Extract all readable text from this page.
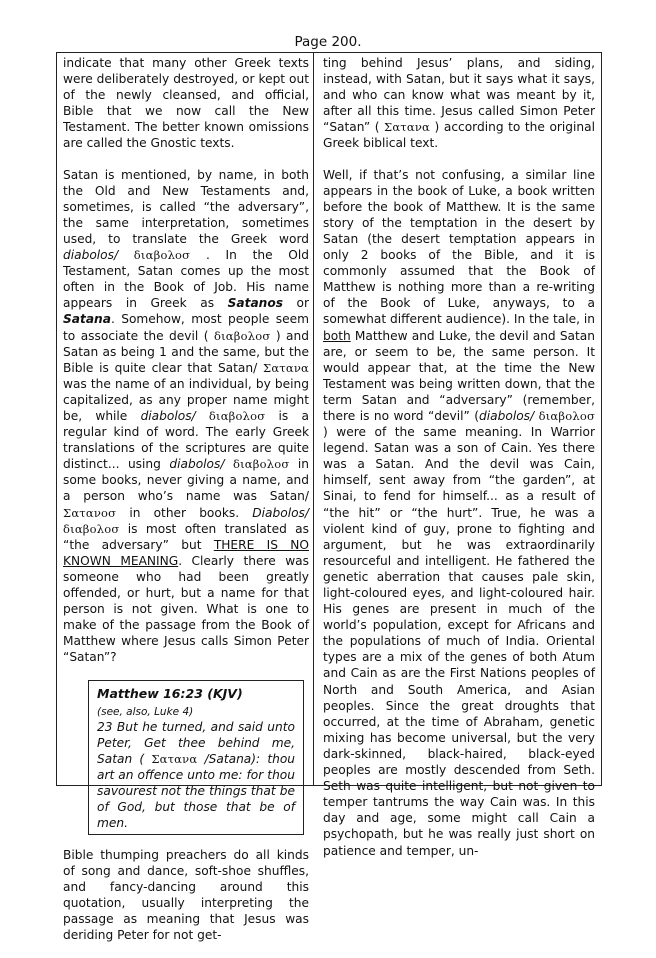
Page 200.

indicate that many other Greek texts were deliberately destroyed, or kept out of the newly cleansed, and official, Bible that we now call the New Testament. The better known omissions are called the Gnostic texts.

Satan is mentioned, by name, in both the Old and New Testaments and, sometimes, is called “the adversary”, the same interpretation, sometimes used, to translate the Greek word diabolos/ διαβολοσ . In the Old Testament, Satan comes up the most often in the Book of Job. His name appears in Greek as Satanos or Satana. Somehow, most people seem to associate the devil ( διαβολοσ ) and Satan as being 1 and the same, but the Bible is quite clear that Satan/ Σατανα was the name of an individual, by being capitalized, as any proper name might be, while diabolos/ διαβολοσ is a regular kind of word. The early Greek translations of the scriptures are quite distinct... using diabolos/ διαβολοσ in some books, never giving a name, and a person who’s name was Satan/ Σατανοσ in other books. Diabolos/ διαβολοσ is most often translated as “the adversary” but THERE IS NO KNOWN MEANING. Clearly there was someone who had been greatly offended, or hurt, but a name for that person is not given. What is one to make of the passage from the Book of Matthew where Jesus calls Simon Peter “Satan”?

Matthew 16:23 (KJV)
(see, also, Luke 4)
23 But he turned, and said unto Peter, Get thee behind me, Satan ( Σατανα /Satana): thou art an offence unto me: for thou savourest not the things that be of God, but those that be of men.

Bible thumping preachers do all kinds of song and dance, soft-shoe shuffles, and fancy-dancing around this quotation, usually interpreting the passage as meaning that Jesus was deriding Peter for not get-

ting behind Jesus’ plans, and siding, instead, with Satan, but it says what it says, and who can know what was meant by it, after all this time. Jesus called Simon Peter “Satan” ( Σατανα ) according to the original Greek biblical text.

Well, if that’s not confusing, a similar line appears in the book of Luke, a book written before the book of Matthew. It is the same story of the temptation in the desert by Satan (the desert temptation appears in only 2 books of the Bible, and it is commonly assumed that the Book of Matthew is nothing more than a re-writing of the Book of Luke, anyways, to a somewhat different audience). In the tale, in both Matthew and Luke, the devil and Satan are, or seem to be, the same person. It would appear that, at the time the New Testament was being written down, that the term Satan and “adversary” (remember, there is no word “devil” (diabolos/ διαβολοσ ) were of the same meaning. In Warrior legend. Satan was a son of Cain. Yes there was a Satan. And the devil was Cain, himself, sent away from “the garden”, at Sinai, to fend for himself... as a result of “the hit” or “the hurt”. True, he was a violent kind of guy, prone to fighting and argument, but he was extraordinarily resourceful and intelligent. He fathered the genetic aberration that causes pale skin, light-coloured eyes, and light-coloured hair. His genes are present in much of the world’s population, except for Africans and the populations of much of India. Oriental types are a mix of the genes of both Atum and Cain as are the First Nations peoples of North and South America, and Asian peoples. Since the great droughts that occurred, at the time of Abraham, genetic mixing has become universal, but the very dark-skinned, black-haired, black-eyed peoples are mostly descended from Seth. Seth was quite intelligent, but not given to temper tantrums the way Cain was. In this day and age, some might call Cain a psychopath, but he was really just short on patience and temper, un-
